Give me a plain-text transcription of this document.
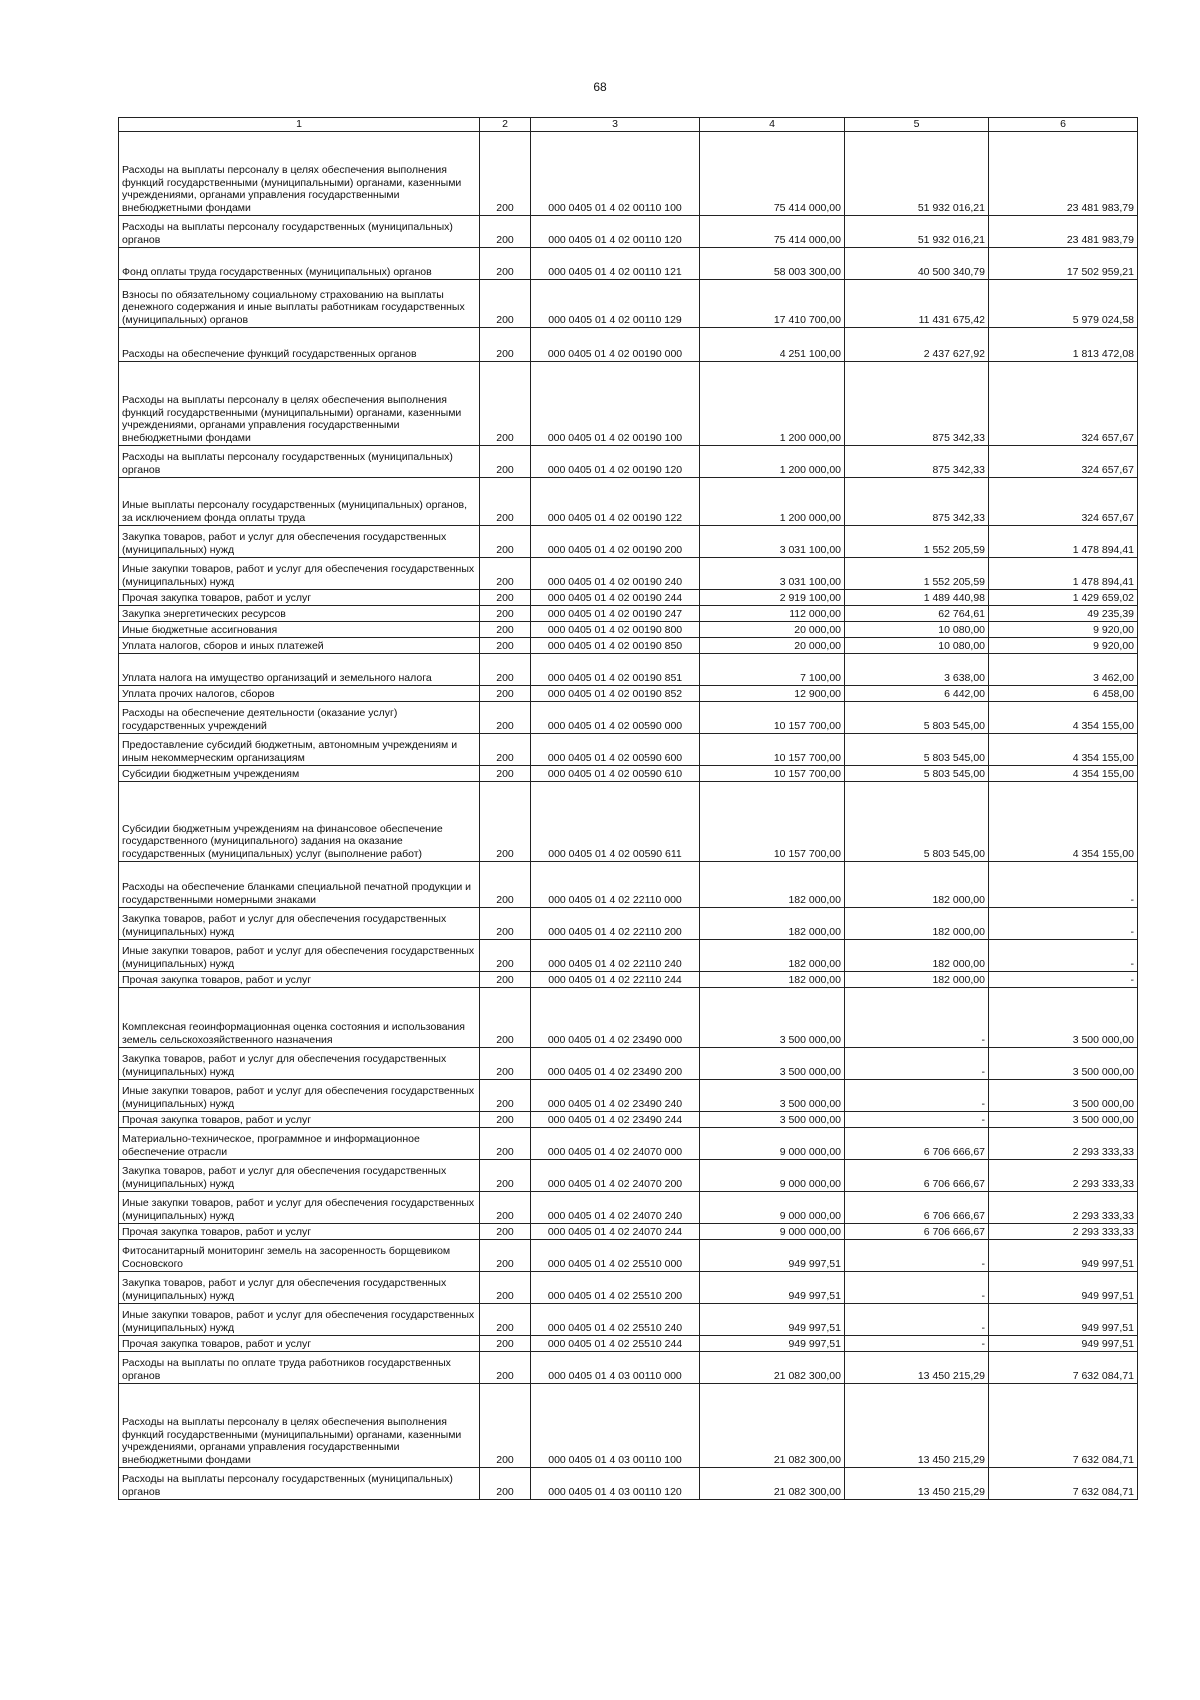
68
1	2	3	4	5	6
Расходы на выплаты персоналу в целях обеспечения выполнения функций государственными (муниципальными) органами, казенными учреждениями, органами управления государственными внебюджетными фондами	200	000 0405 01 4 02 00110 100	75 414 000,00	51 932 016,21	23 481 983,79
Расходы на выплаты персоналу государственных (муниципальных) органов	200	000 0405 01 4 02 00110 120	75 414 000,00	51 932 016,21	23 481 983,79
Фонд оплаты труда государственных (муниципальных) органов	200	000 0405 01 4 02 00110 121	58 003 300,00	40 500 340,79	17 502 959,21
Взносы по обязательному социальному страхованию на выплаты денежного содержания и иные выплаты работникам государственных (муниципальных) органов	200	000 0405 01 4 02 00110 129	17 410 700,00	11 431 675,42	5 979 024,58
Расходы на обеспечение функций государственных органов	200	000 0405 01 4 02 00190 000	4 251 100,00	2 437 627,92	1 813 472,08
Расходы на выплаты персоналу в целях обеспечения выполнения функций государственными (муниципальными) органами, казенными учреждениями, органами управления государственными внебюджетными фондами	200	000 0405 01 4 02 00190 100	1 200 000,00	875 342,33	324 657,67
Расходы на выплаты персоналу государственных (муниципальных) органов	200	000 0405 01 4 02 00190 120	1 200 000,00	875 342,33	324 657,67
Иные выплаты персоналу государственных (муниципальных) органов, за исключением фонда оплаты труда	200	000 0405 01 4 02 00190 122	1 200 000,00	875 342,33	324 657,67
Закупка товаров, работ и услуг для обеспечения государственных (муниципальных) нужд	200	000 0405 01 4 02 00190 200	3 031 100,00	1 552 205,59	1 478 894,41
Иные закупки товаров, работ и услуг для обеспечения государственных (муниципальных) нужд	200	000 0405 01 4 02 00190 240	3 031 100,00	1 552 205,59	1 478 894,41
Прочая закупка товаров, работ и услуг	200	000 0405 01 4 02 00190 244	2 919 100,00	1 489 440,98	1 429 659,02
Закупка энергетических ресурсов	200	000 0405 01 4 02 00190 247	112 000,00	62 764,61	49 235,39
Иные бюджетные ассигнования	200	000 0405 01 4 02 00190 800	20 000,00	10 080,00	9 920,00
Уплата налогов, сборов и иных платежей	200	000 0405 01 4 02 00190 850	20 000,00	10 080,00	9 920,00
Уплата налога на имущество организаций и земельного налога	200	000 0405 01 4 02 00190 851	7 100,00	3 638,00	3 462,00
Уплата прочих налогов, сборов	200	000 0405 01 4 02 00190 852	12 900,00	6 442,00	6 458,00
Расходы на обеспечение деятельности (оказание услуг) государственных учреждений	200	000 0405 01 4 02 00590 000	10 157 700,00	5 803 545,00	4 354 155,00
Предоставление субсидий бюджетным, автономным учреждениям и иным некоммерческим организациям	200	000 0405 01 4 02 00590 600	10 157 700,00	5 803 545,00	4 354 155,00
Субсидии бюджетным учреждениям	200	000 0405 01 4 02 00590 610	10 157 700,00	5 803 545,00	4 354 155,00
Субсидии бюджетным учреждениям на финансовое обеспечение государственного (муниципального) задания на оказание государственных (муниципальных) услуг (выполнение работ)	200	000 0405 01 4 02 00590 611	10 157 700,00	5 803 545,00	4 354 155,00
Расходы на обеспечение бланками специальной печатной продукции и государственными номерными знаками	200	000 0405 01 4 02 22110 000	182 000,00	182 000,00	-
Закупка товаров, работ и услуг для обеспечения государственных (муниципальных) нужд	200	000 0405 01 4 02 22110 200	182 000,00	182 000,00	-
Иные закупки товаров, работ и услуг для обеспечения государственных (муниципальных) нужд	200	000 0405 01 4 02 22110 240	182 000,00	182 000,00	-
Прочая закупка товаров, работ и услуг	200	000 0405 01 4 02 22110 244	182 000,00	182 000,00	-
Комплексная геоинформационная оценка состояния и использования земель сельскохозяйственного назначения	200	000 0405 01 4 02 23490 000	3 500 000,00	-	3 500 000,00
Закупка товаров, работ и услуг для обеспечения государственных (муниципальных) нужд	200	000 0405 01 4 02 23490 200	3 500 000,00	-	3 500 000,00
Иные закупки товаров, работ и услуг для обеспечения государственных (муниципальных) нужд	200	000 0405 01 4 02 23490 240	3 500 000,00	-	3 500 000,00
Прочая закупка товаров, работ и услуг	200	000 0405 01 4 02 23490 244	3 500 000,00	-	3 500 000,00
Материально-техническое, программное и информационное обеспечение отрасли	200	000 0405 01 4 02 24070 000	9 000 000,00	6 706 666,67	2 293 333,33
Закупка товаров, работ и услуг для обеспечения государственных (муниципальных) нужд	200	000 0405 01 4 02 24070 200	9 000 000,00	6 706 666,67	2 293 333,33
Иные закупки товаров, работ и услуг для обеспечения государственных (муниципальных) нужд	200	000 0405 01 4 02 24070 240	9 000 000,00	6 706 666,67	2 293 333,33
Прочая закупка товаров, работ и услуг	200	000 0405 01 4 02 24070 244	9 000 000,00	6 706 666,67	2 293 333,33
Фитосанитарный мониторинг земель на засоренность борщевиком Сосновского	200	000 0405 01 4 02 25510 000	949 997,51	-	949 997,51
Закупка товаров, работ и услуг для обеспечения государственных (муниципальных) нужд	200	000 0405 01 4 02 25510 200	949 997,51	-	949 997,51
Иные закупки товаров, работ и услуг для обеспечения государственных (муниципальных) нужд	200	000 0405 01 4 02 25510 240	949 997,51	-	949 997,51
Прочая закупка товаров, работ и услуг	200	000 0405 01 4 02 25510 244	949 997,51	-	949 997,51
Расходы на выплаты по оплате труда работников государственных органов	200	000 0405 01 4 03 00110 000	21 082 300,00	13 450 215,29	7 632 084,71
Расходы на выплаты персоналу в целях обеспечения выполнения функций государственными (муниципальными) органами, казенными учреждениями, органами управления государственными внебюджетными фондами	200	000 0405 01 4 03 00110 100	21 082 300,00	13 450 215,29	7 632 084,71
Расходы на выплаты персоналу государственных (муниципальных) органов	200	000 0405 01 4 03 00110 120	21 082 300,00	13 450 215,29	7 632 084,71
